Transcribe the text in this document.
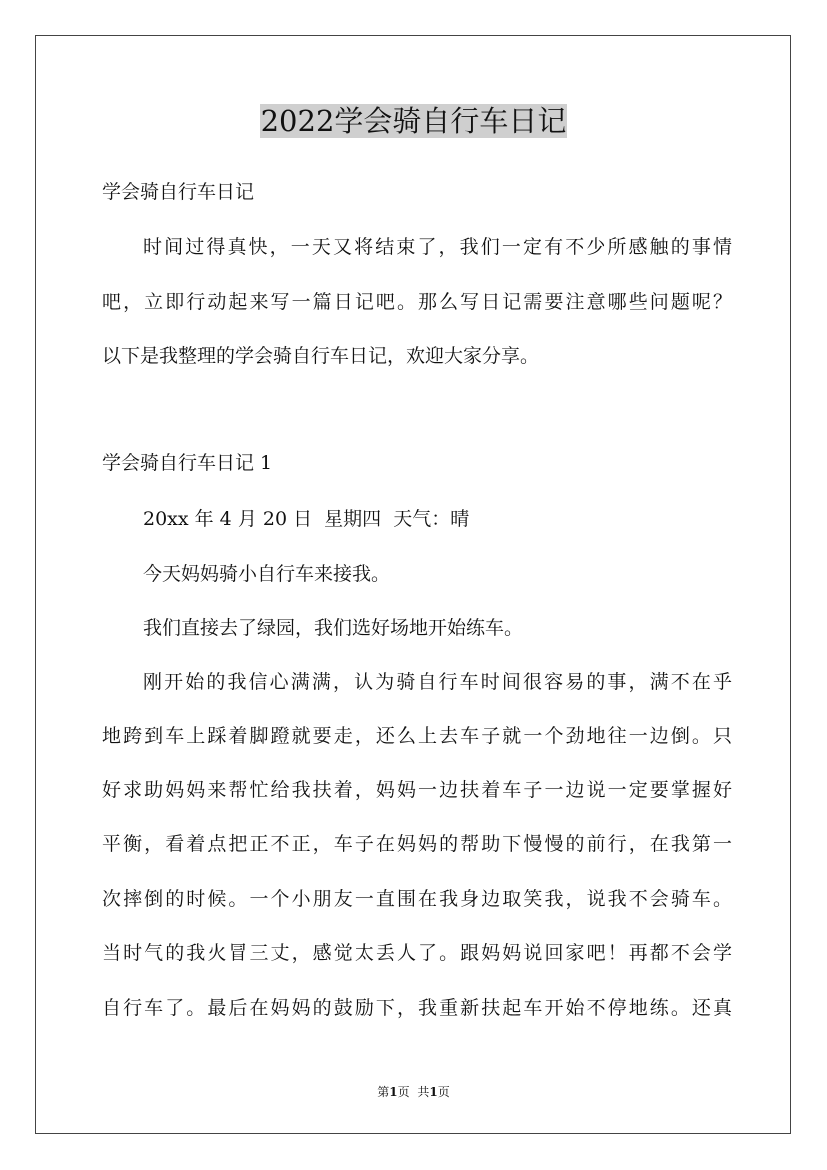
2022学会骑自行车日记

学会骑自行车日记

时间过得真快，一天又将结束了，我们一定有不少所感触的事情

吧，立即行动起来写一篇日记吧。那么写日记需要注意哪些问题呢？

以下是我整理的学会骑自行车日记，欢迎大家分享。

学会骑自行车日记 1

20xx 年 4 月 20 日  星期四  天气：晴

今天妈妈骑小自行车来接我。

我们直接去了绿园，我们选好场地开始练车。

刚开始的我信心满满，认为骑自行车时间很容易的事，满不在乎

地跨到车上踩着脚蹬就要走，还么上去车子就一个劲地往一边倒。只

好求助妈妈来帮忙给我扶着，妈妈一边扶着车子一边说一定要掌握好

平衡，看着点把正不正，车子在妈妈的帮助下慢慢的前行，在我第一

次摔倒的时候。一个小朋友一直围在我身边取笑我，说我不会骑车。

当时气的我火冒三丈，感觉太丢人了。跟妈妈说回家吧！再都不会学

自行车了。最后在妈妈的鼓励下，我重新扶起车开始不停地练。还真

第1页 共1页
